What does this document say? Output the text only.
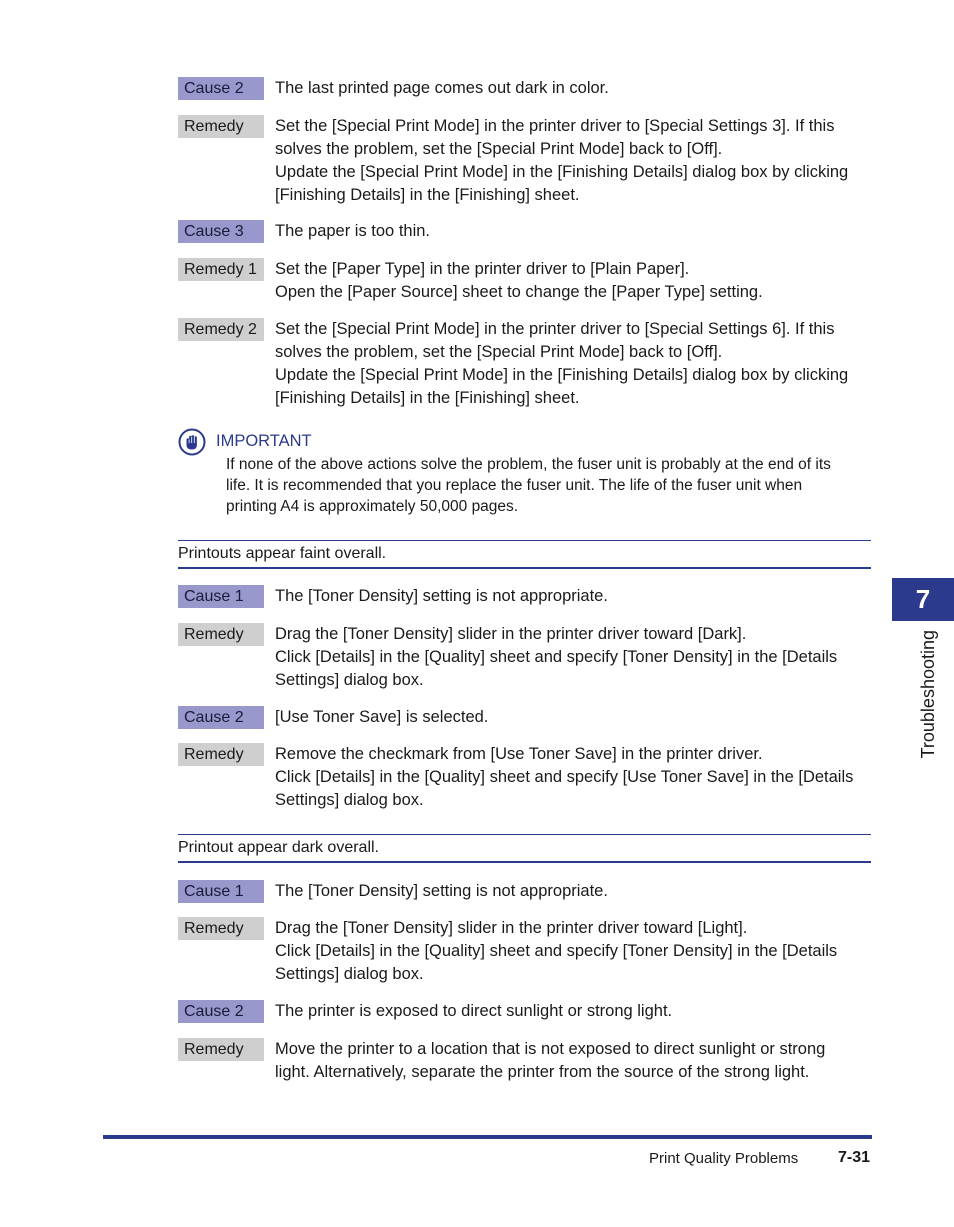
Cause 2	The last printed page comes out dark in color.
Remedy	Set the [Special Print Mode] in the printer driver to [Special Settings 3]. If this
solves the problem, set the [Special Print Mode] back to [Off].
Update the [Special Print Mode] in the [Finishing Details] dialog box by clicking
[Finishing Details] in the [Finishing] sheet.
Cause 3	The paper is too thin.
Remedy 1	Set the [Paper Type] in the printer driver to [Plain Paper].
Open the [Paper Source] sheet to change the [Paper Type] setting.
Remedy 2	Set the [Special Print Mode] in the printer driver to [Special Settings 6]. If this
solves the problem, set the [Special Print Mode] back to [Off].
Update the [Special Print Mode] in the [Finishing Details] dialog box by clicking
[Finishing Details] in the [Finishing] sheet.
IMPORTANT
If none of the above actions solve the problem, the fuser unit is probably at the end of its
life. It is recommended that you replace the fuser unit. The life of the fuser unit when
printing A4 is approximately 50,000 pages.
Printouts appear faint overall.
Cause 1	The [Toner Density] setting is not appropriate.
Remedy	Drag the [Toner Density] slider in the printer driver toward [Dark].
Click [Details] in the [Quality] sheet and specify [Toner Density] in the [Details
Settings] dialog box.
Cause 2	[Use Toner Save] is selected.
Remedy	Remove the checkmark from [Use Toner Save] in the printer driver.
Click [Details] in the [Quality] sheet and specify [Use Toner Save] in the [Details
Settings] dialog box.
Printout appear dark overall.
Cause 1	The [Toner Density] setting is not appropriate.
Remedy	Drag the [Toner Density] slider in the printer driver toward [Light].
Click [Details] in the [Quality] sheet and specify [Toner Density] in the [Details
Settings] dialog box.
Cause 2	The printer is exposed to direct sunlight or strong light.
Remedy	Move the printer to a location that is not exposed to direct sunlight or strong
light. Alternatively, separate the printer from the source of the strong light.
7
Troubleshooting
Print Quality Problems 7-31
